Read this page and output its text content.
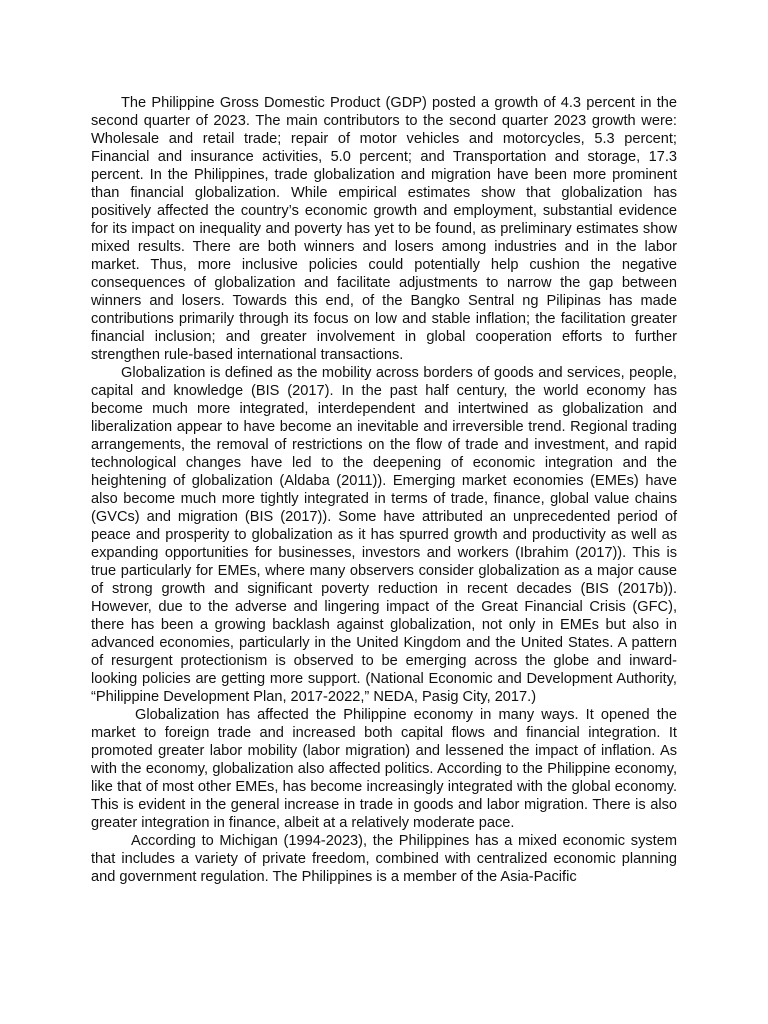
The Philippine Gross Domestic Product (GDP) posted a growth of 4.3 percent in the second quarter of 2023. The main contributors to the second quarter 2023 growth were: Wholesale and retail trade; repair of motor vehicles and motorcycles, 5.3 percent; Financial and insurance activities, 5.0 percent; and Transportation and storage, 17.3 percent. In the Philippines, trade globalization and migration have been more prominent than financial globalization. While empirical estimates show that globalization has positively affected the country’s economic growth and employment, substantial evidence for its impact on inequality and poverty has yet to be found, as preliminary estimates show mixed results. There are both winners and losers among industries and in the labor market. Thus, more inclusive policies could potentially help cushion the negative consequences of globalization and facilitate adjustments to narrow the gap between winners and losers. Towards this end, of the Bangko Sentral ng Pilipinas has made contributions primarily through its focus on low and stable inflation; the facilitation greater financial inclusion; and greater involvement in global cooperation efforts to further strengthen rule-based international transactions.

Globalization is defined as the mobility across borders of goods and services, people, capital and knowledge (BIS (2017). In the past half century, the world economy has become much more integrated, interdependent and intertwined as globalization and liberalization appear to have become an inevitable and irreversible trend. Regional trading arrangements, the removal of restrictions on the flow of trade and investment, and rapid technological changes have led to the deepening of economic integration and the heightening of globalization (Aldaba (2011)). Emerging market economies (EMEs) have also become much more tightly integrated in terms of trade, finance, global value chains (GVCs) and migration (BIS (2017)). Some have attributed an unprecedented period of peace and prosperity to globalization as it has spurred growth and productivity as well as expanding opportunities for businesses, investors and workers (Ibrahim (2017)). This is true particularly for EMEs, where many observers consider globalization as a major cause of strong growth and significant poverty reduction in recent decades (BIS (2017b)). However, due to the adverse and lingering impact of the Great Financial Crisis (GFC), there has been a growing backlash against globalization, not only in EMEs but also in advanced economies, particularly in the United Kingdom and the United States. A pattern of resurgent protectionism is observed to be emerging across the globe and inward-looking policies are getting more support. (National Economic and Development Authority, “Philippine Development Plan, 2017-2022,” NEDA, Pasig City, 2017.)

Globalization has affected the Philippine economy in many ways. It opened the market to foreign trade and increased both capital flows and financial integration. It promoted greater labor mobility (labor migration) and lessened the impact of inflation. As with the economy, globalization also affected politics. According to the Philippine economy, like that of most other EMEs, has become increasingly integrated with the global economy. This is evident in the general increase in trade in goods and labor migration. There is also greater integration in finance, albeit at a relatively moderate pace.

According to Michigan (1994-2023), the Philippines has a mixed economic system that includes a variety of private freedom, combined with centralized economic planning and government regulation. The Philippines is a member of the Asia-Pacific
